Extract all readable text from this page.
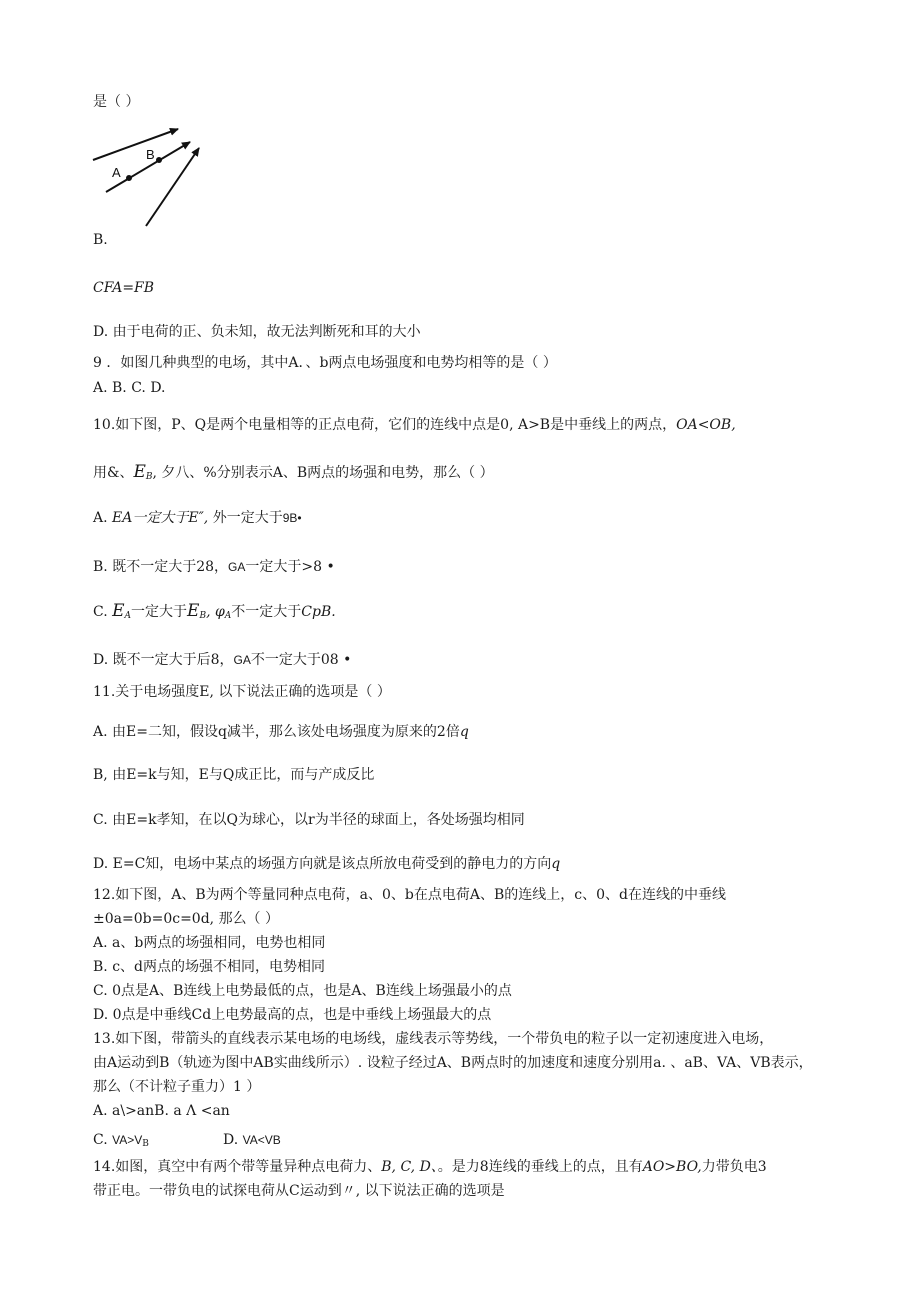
A
B
是（ ）
B.
CFA=FB
D. 由于电荷的正、负未知，故无法判断死和耳的大小
9 ．如图几种典型的电场，其中A．、b两点电场强度和电势均相等的是（ ）
A. B. C. D.
10.如下图，P、Q是两个电量相等的正点电荷，它们的连线中点是0, A>B是中垂线上的两点，OA<OB,
用&、$E_B$, 夕八、%分别表示A、B两点的场强和电势，那么（ ）
A. EA一定大于E″, 外一定大于9B•
B. 既不一定大于28，GA一定大于>8 •
C. $E_A$一定大于$E_B$, $\varphi_A$不一定大于CpB.
D. 既不一定大于后8，GA不一定大于08 •
11.关于电场强度E, 以下说法正确的选项是（ ）
A. 由E=二知，假设q减半，那么该处电场强度为原来的2倍q
B, 由E=k与知，E与Q成正比，而与产成反比
C. 由E=k孝知，在以Q为球心，以r为半径的球面上，各处场强均相同
D. E=C知，电场中某点的场强方向就是该点所放电荷受到的静电力的方向q
12.如下图，A、B为两个等量同种点电荷，a、0、b在点电荷A、B的连线上，c、0、d在连线的中垂线
±0a=0b=0c=0d, 那么（ ）
A. a、b两点的场强相同，电势也相同
B. c、d两点的场强不相同，电势相同
C. 0点是A、B连线上电势最低的点，也是A、B连线上场强最小的点
D. 0点是中垂线Cd上电势最高的点，也是中垂线上场强最大的点
13.如下图，带箭头的直线表示某电场的电场线，虚线表示等势线，一个带负电的粒子以一定初速度进入电场，
由A运动到B（轨迹为图中AB实曲线所示）. 设粒子经过A、B两点时的加速度和速度分别用a. 、aB、VA、VB表示，
那么（不计粒子重力）1 ）
A. a\>anB. a Λ <an
C. $VA>V_B$	D. VA<VB
14.如图，真空中有两个带等量异种点电荷力、B, C, D、。是力8连线的垂线上的点，且有AO>BO,力带负电3
带正电。一带负电的试探电荷从C运动到〃, 以下说法正确的选项是
